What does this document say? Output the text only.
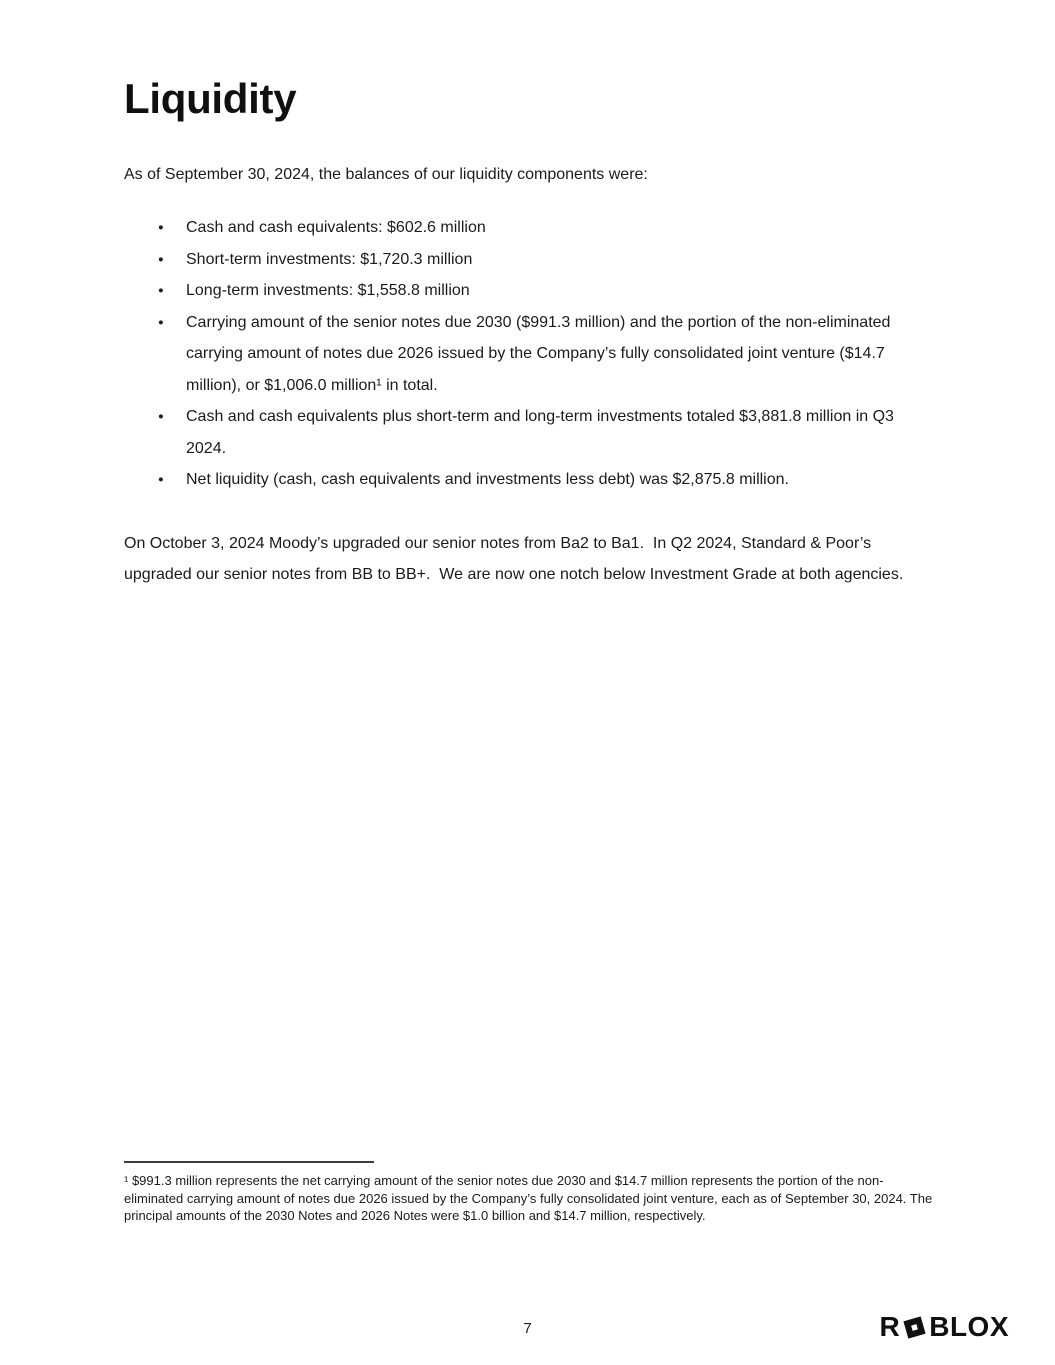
Liquidity

As of September 30, 2024, the balances of our liquidity components were:

● Cash and cash equivalents: $602.6 million
● Short-term investments: $1,720.3 million
● Long-term investments: $1,558.8 million
● Carrying amount of the senior notes due 2030 ($991.3 million) and the portion of the non-eliminated carrying amount of notes due 2026 issued by the Company’s fully consolidated joint venture ($14.7 million), or $1,006.0 million¹ in total.
● Cash and cash equivalents plus short-term and long-term investments totaled $3,881.8 million in Q3 2024.
● Net liquidity (cash, cash equivalents and investments less debt) was $2,875.8 million.

On October 3, 2024 Moody’s upgraded our senior notes from Ba2 to Ba1.  In Q2 2024, Standard & Poor’s upgraded our senior notes from BB to BB+.  We are now one notch below Investment Grade at both agencies.

¹ $991.3 million represents the net carrying amount of the senior notes due 2030 and $14.7 million represents the portion of the non-eliminated carrying amount of notes due 2026 issued by the Company’s fully consolidated joint venture, each as of September 30, 2024. The principal amounts of the 2030 Notes and 2026 Notes were $1.0 billion and $14.7 million, respectively.

7	R BLOX
